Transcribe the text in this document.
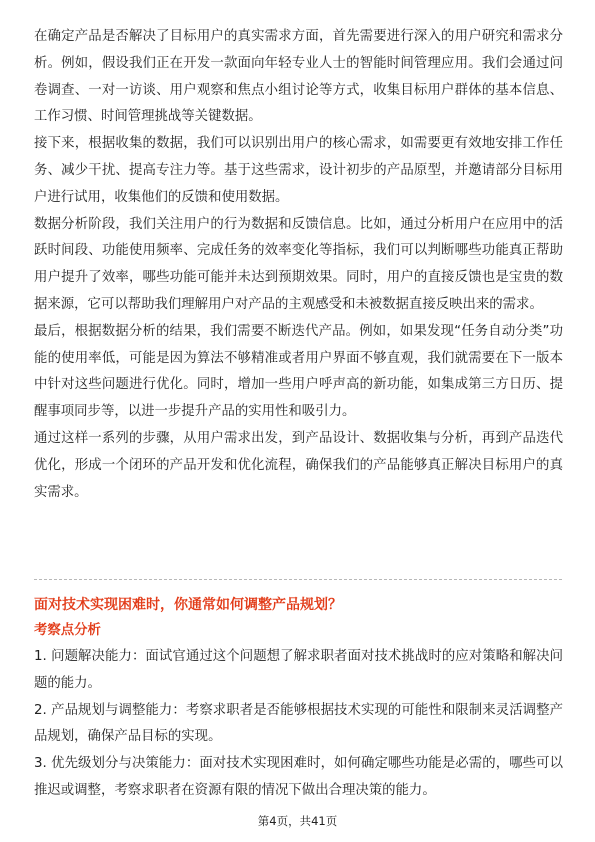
在确定产品是否解决了目标用户的真实需求方面，首先需要进行深入的用户研究和需求分析。例如，假设我们正在开发一款面向年轻专业人士的智能时间管理应用。我们会通过问卷调查、一对一访谈、用户观察和焦点小组讨论等方式，收集目标用户群体的基本信息、工作习惯、时间管理挑战等关键数据。

接下来，根据收集的数据，我们可以识别出用户的核心需求，如需要更有效地安排工作任务、减少干扰、提高专注力等。基于这些需求，设计初步的产品原型，并邀请部分目标用户进行试用，收集他们的反馈和使用数据。

数据分析阶段，我们关注用户的行为数据和反馈信息。比如，通过分析用户在应用中的活跃时间段、功能使用频率、完成任务的效率变化等指标，我们可以判断哪些功能真正帮助用户提升了效率，哪些功能可能并未达到预期效果。同时，用户的直接反馈也是宝贵的数据来源，它可以帮助我们理解用户对产品的主观感受和未被数据直接反映出来的需求。

最后，根据数据分析的结果，我们需要不断迭代产品。例如，如果发现“任务自动分类”功能的使用率低，可能是因为算法不够精准或者用户界面不够直观，我们就需要在下一版本中针对这些问题进行优化。同时，增加一些用户呼声高的新功能，如集成第三方日历、提醒事项同步等，以进一步提升产品的实用性和吸引力。

通过这样一系列的步骤，从用户需求出发，到产品设计、数据收集与分析，再到产品迭代优化，形成一个闭环的产品开发和优化流程，确保我们的产品能够真正解决目标用户的真实需求。

面对技术实现困难时，你通常如何调整产品规划？

考察点分析

1. 问题解决能力：面试官通过这个问题想了解求职者面对技术挑战时的应对策略和解决问题的能力。

2. 产品规划与调整能力：考察求职者是否能够根据技术实现的可能性和限制来灵活调整产品规划，确保产品目标的实现。

3. 优先级划分与决策能力：面对技术实现困难时，如何确定哪些功能是必需的，哪些可以推迟或调整，考察求职者在资源有限的情况下做出合理决策的能力。

第4页，共41页
